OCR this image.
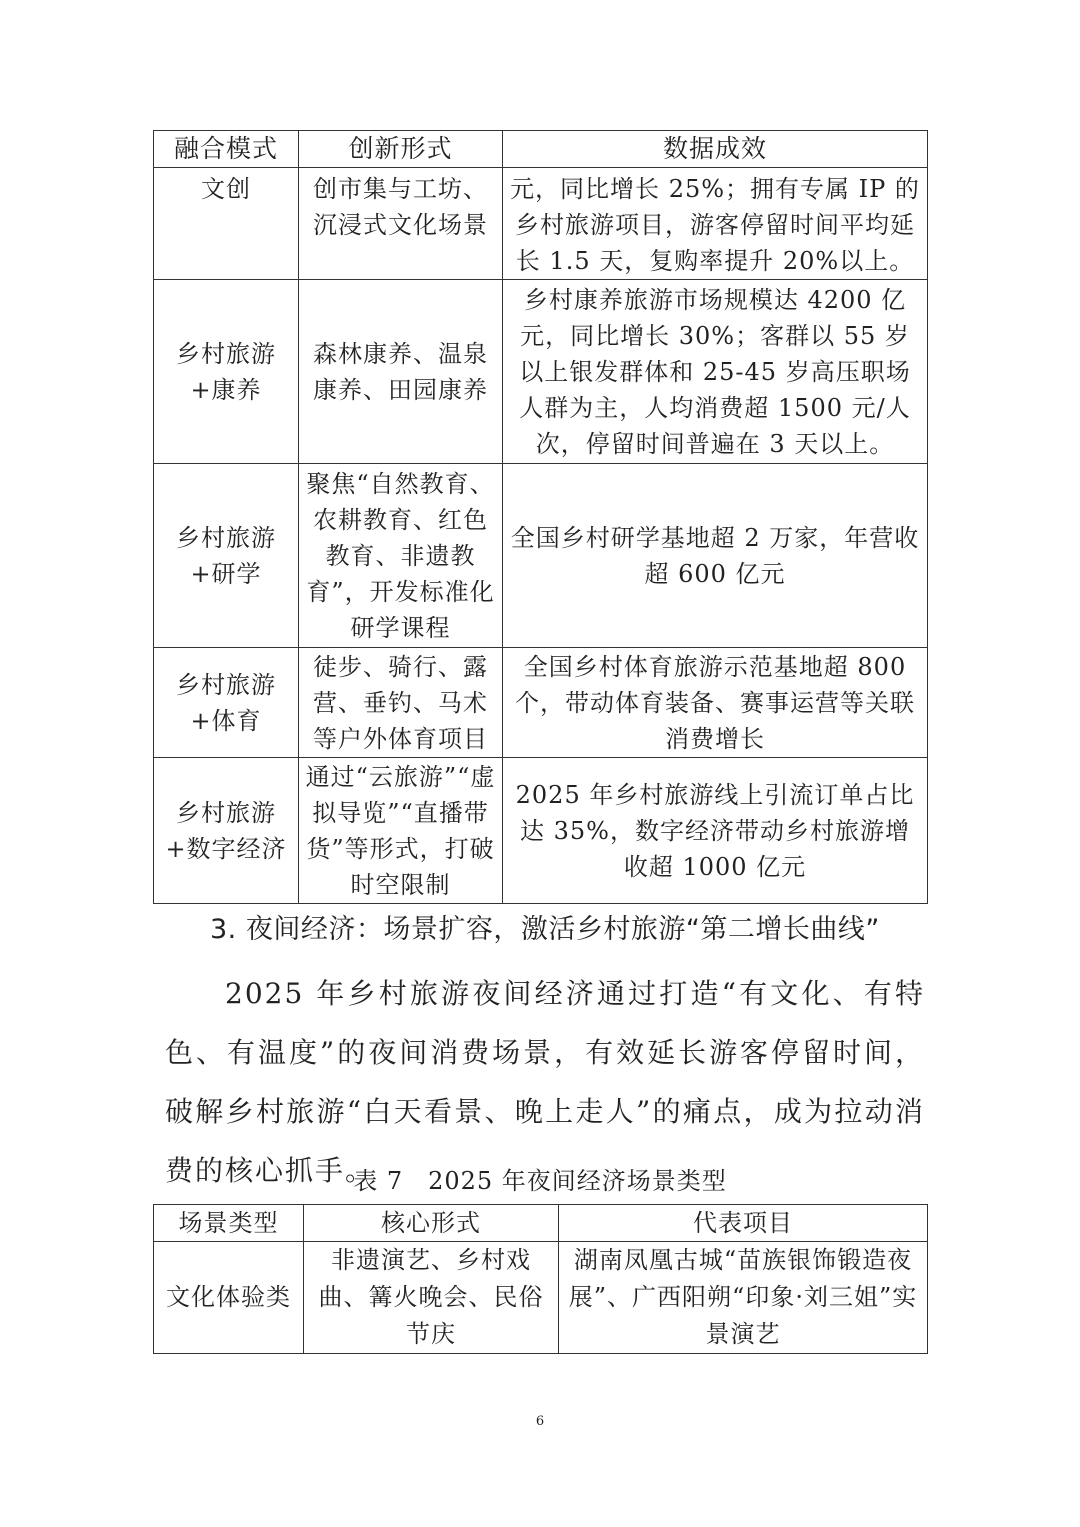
融合模式	创新形式	数据成效
文创	创市集与工坊、沉浸式文化场景	元，同比增长 25%；拥有专属 IP 的乡村旅游项目，游客停留时间平均延长 1.5 天，复购率提升 20%以上。
乡村旅游+康养	森林康养、温泉康养、田园康养	乡村康养旅游市场规模达 4200 亿元，同比增长 30%；客群以 55 岁以上银发群体和 25-45 岁高压职场人群为主，人均消费超 1500 元/人次，停留时间普遍在 3 天以上。
乡村旅游+研学	聚焦“自然教育、农耕教育、红色教育、非遗教育”，开发标准化研学课程	全国乡村研学基地超 2 万家，年营收超 600 亿元
乡村旅游+体育	徒步、骑行、露营、垂钓、马术等户外体育项目	全国乡村体育旅游示范基地超 800 个，带动体育装备、赛事运营等关联消费增长
乡村旅游+数字经济	通过“云旅游”“虚拟导览”“直播带货”等形式，打破时空限制	2025 年乡村旅游线上引流订单占比达 35%，数字经济带动乡村旅游增收超 1000 亿元
3. 夜间经济：场景扩容，激活乡村旅游“第二增长曲线”

2025 年乡村旅游夜间经济通过打造“有文化、有特色、有温度”的夜间消费场景，有效延长游客停留时间，破解乡村旅游“白天看景、晚上走人”的痛点，成为拉动消费的核心抓手。

表 7　2025 年夜间经济场景类型
场景类型	核心形式	代表项目
文化体验类	非遗演艺、乡村戏曲、篝火晚会、民俗节庆	湖南凤凰古城“苗族银饰锻造夜展”、广西阳朔“印象·刘三姐”实景演艺
6
